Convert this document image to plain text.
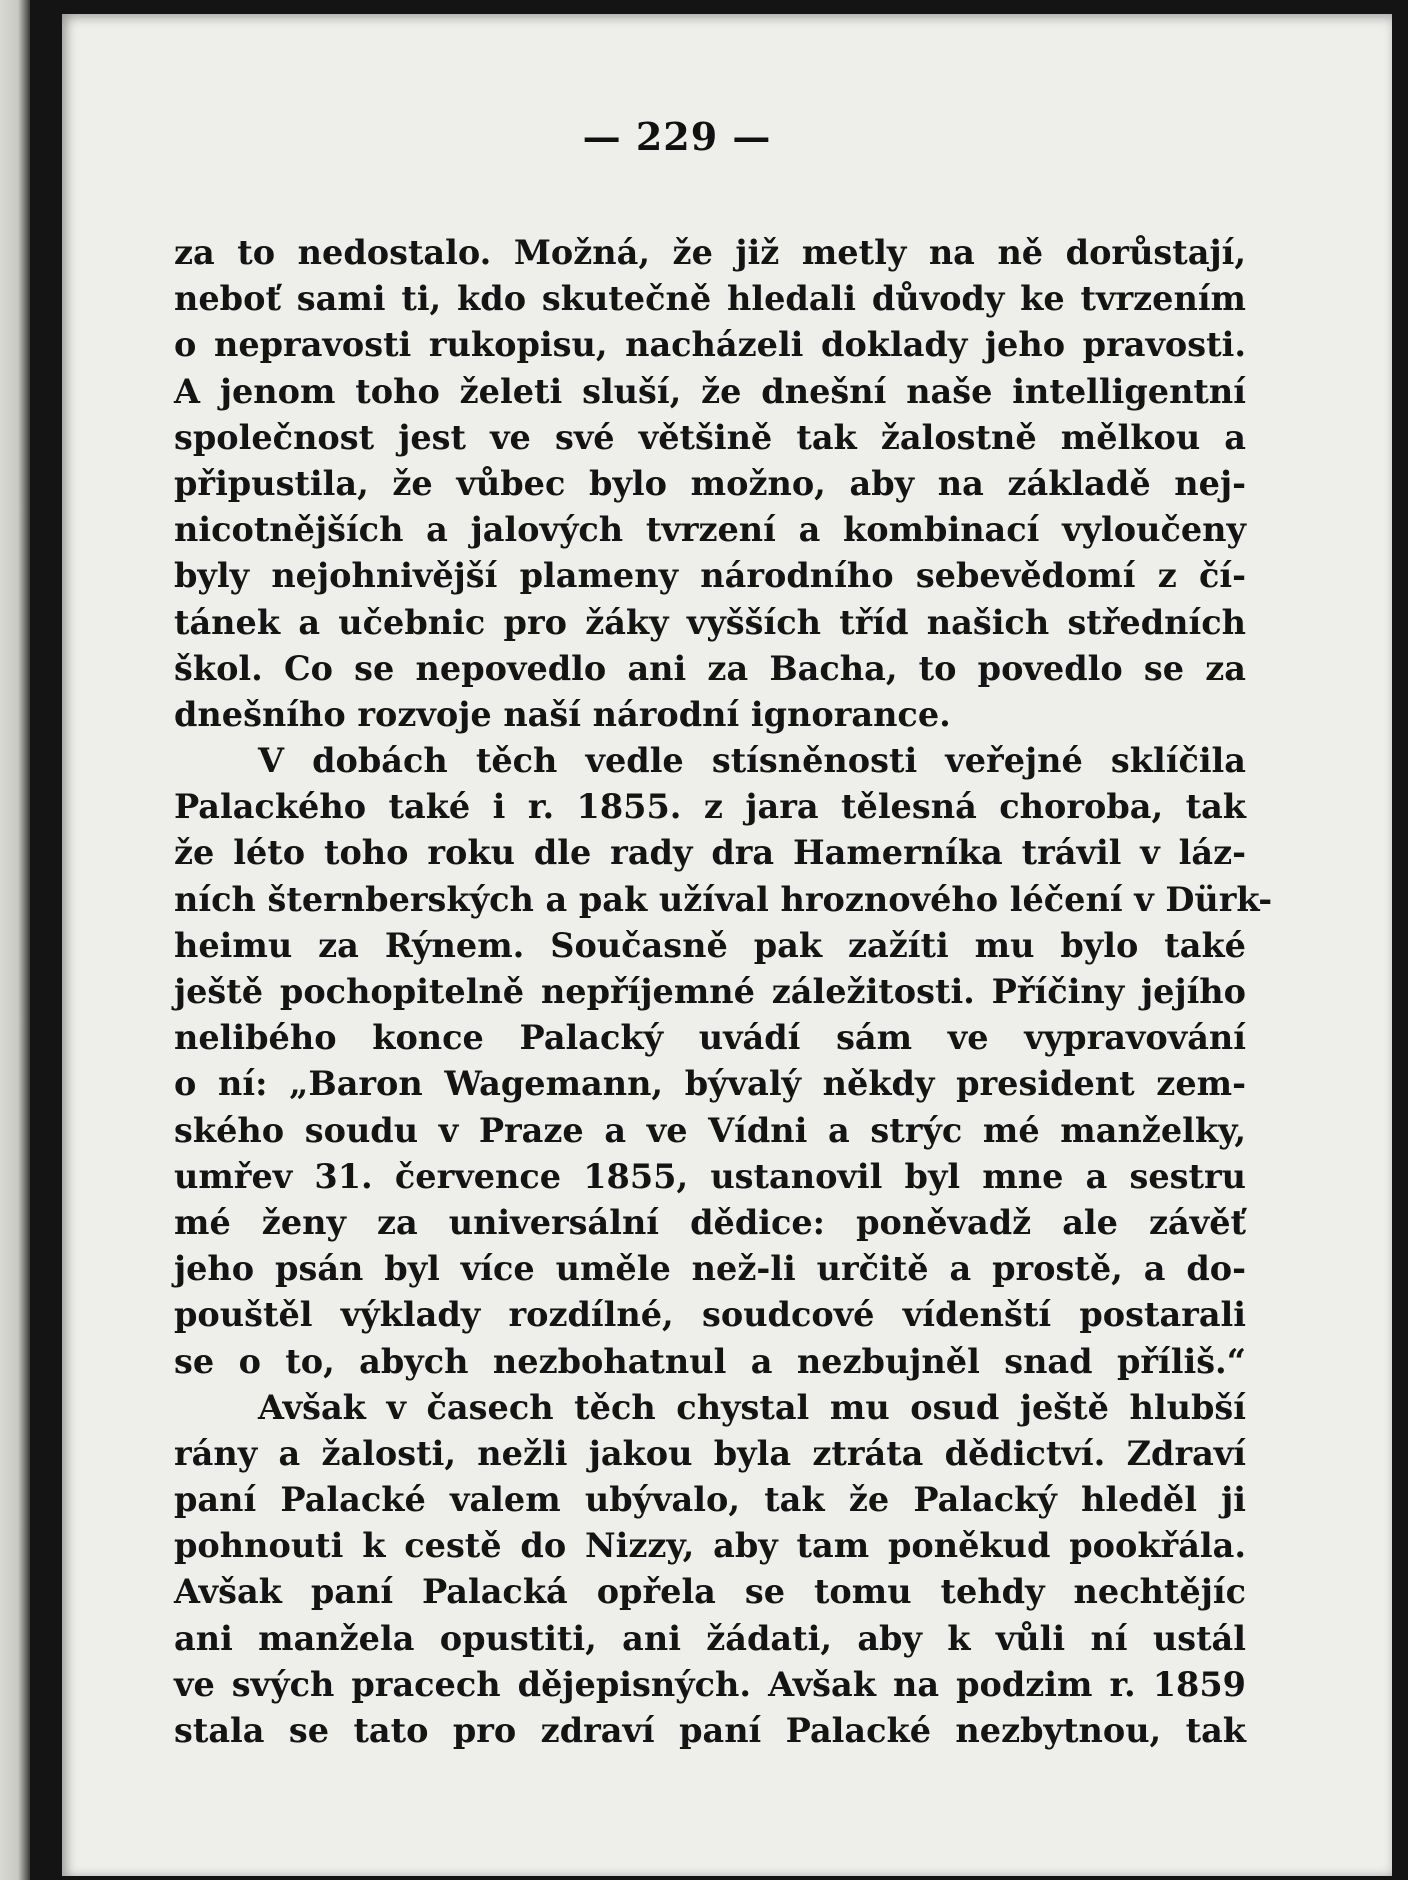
— 229 —
za to nedostalo. Možná, že již metly na ně dorůstají,
neboť sami ti, kdo skutečně hledali důvody ke tvrzením
o nepravosti rukopisu, nacházeli doklady jeho pravosti.
A jenom toho želeti sluší, že dnešní naše intelligentní
společnost jest ve své většině tak žalostně mělkou a
připustila, že vůbec bylo možno, aby na základě nej-
nicotnějších a jalových tvrzení a kombinací vyloučeny
byly nejohnivější plameny národního sebevědomí z čí-
tánek a učebnic pro žáky vyšších tříd našich středních
škol. Co se nepovedlo ani za Bacha, to povedlo se za
dnešního rozvoje naší národní ignorance.
V dobách těch vedle stísněnosti veřejné sklíčila
Palackého také i r. 1855. z jara tělesná choroba, tak
že léto toho roku dle rady dra Hamerníka trávil v láz-
ních šternberských a pak užíval hroznového léčení v Dürk-
heimu za Rýnem. Současně pak zažíti mu bylo také
ještě pochopitelně nepříjemné záležitosti. Příčiny jejího
nelibého konce Palacký uvádí sám ve vypravování
o ní: „Baron Wagemann, bývalý někdy president zem-
ského soudu v Praze a ve Vídni a strýc mé manželky,
umřev 31. července 1855, ustanovil byl mne a sestru
mé ženy za universální dědice: poněvadž ale závěť
jeho psán byl více uměle než-li určitě a prostě, a do-
pouštěl výklady rozdílné, soudcové vídenští postarali
se o to, abych nezbohatnul a nezbujněl snad příliš.“
Avšak v časech těch chystal mu osud ještě hlubší
rány a žalosti, nežli jakou byla ztráta dědictví. Zdraví
paní Palacké valem ubývalo, tak že Palacký hleděl ji
pohnouti k cestě do Nizzy, aby tam poněkud pookřála.
Avšak paní Palacká opřela se tomu tehdy nechtějíc
ani manžela opustiti, ani žádati, aby k vůli ní ustál
ve svých pracech dějepisných. Avšak na podzim r. 1859
stala se tato pro zdraví paní Palacké nezbytnou, tak
